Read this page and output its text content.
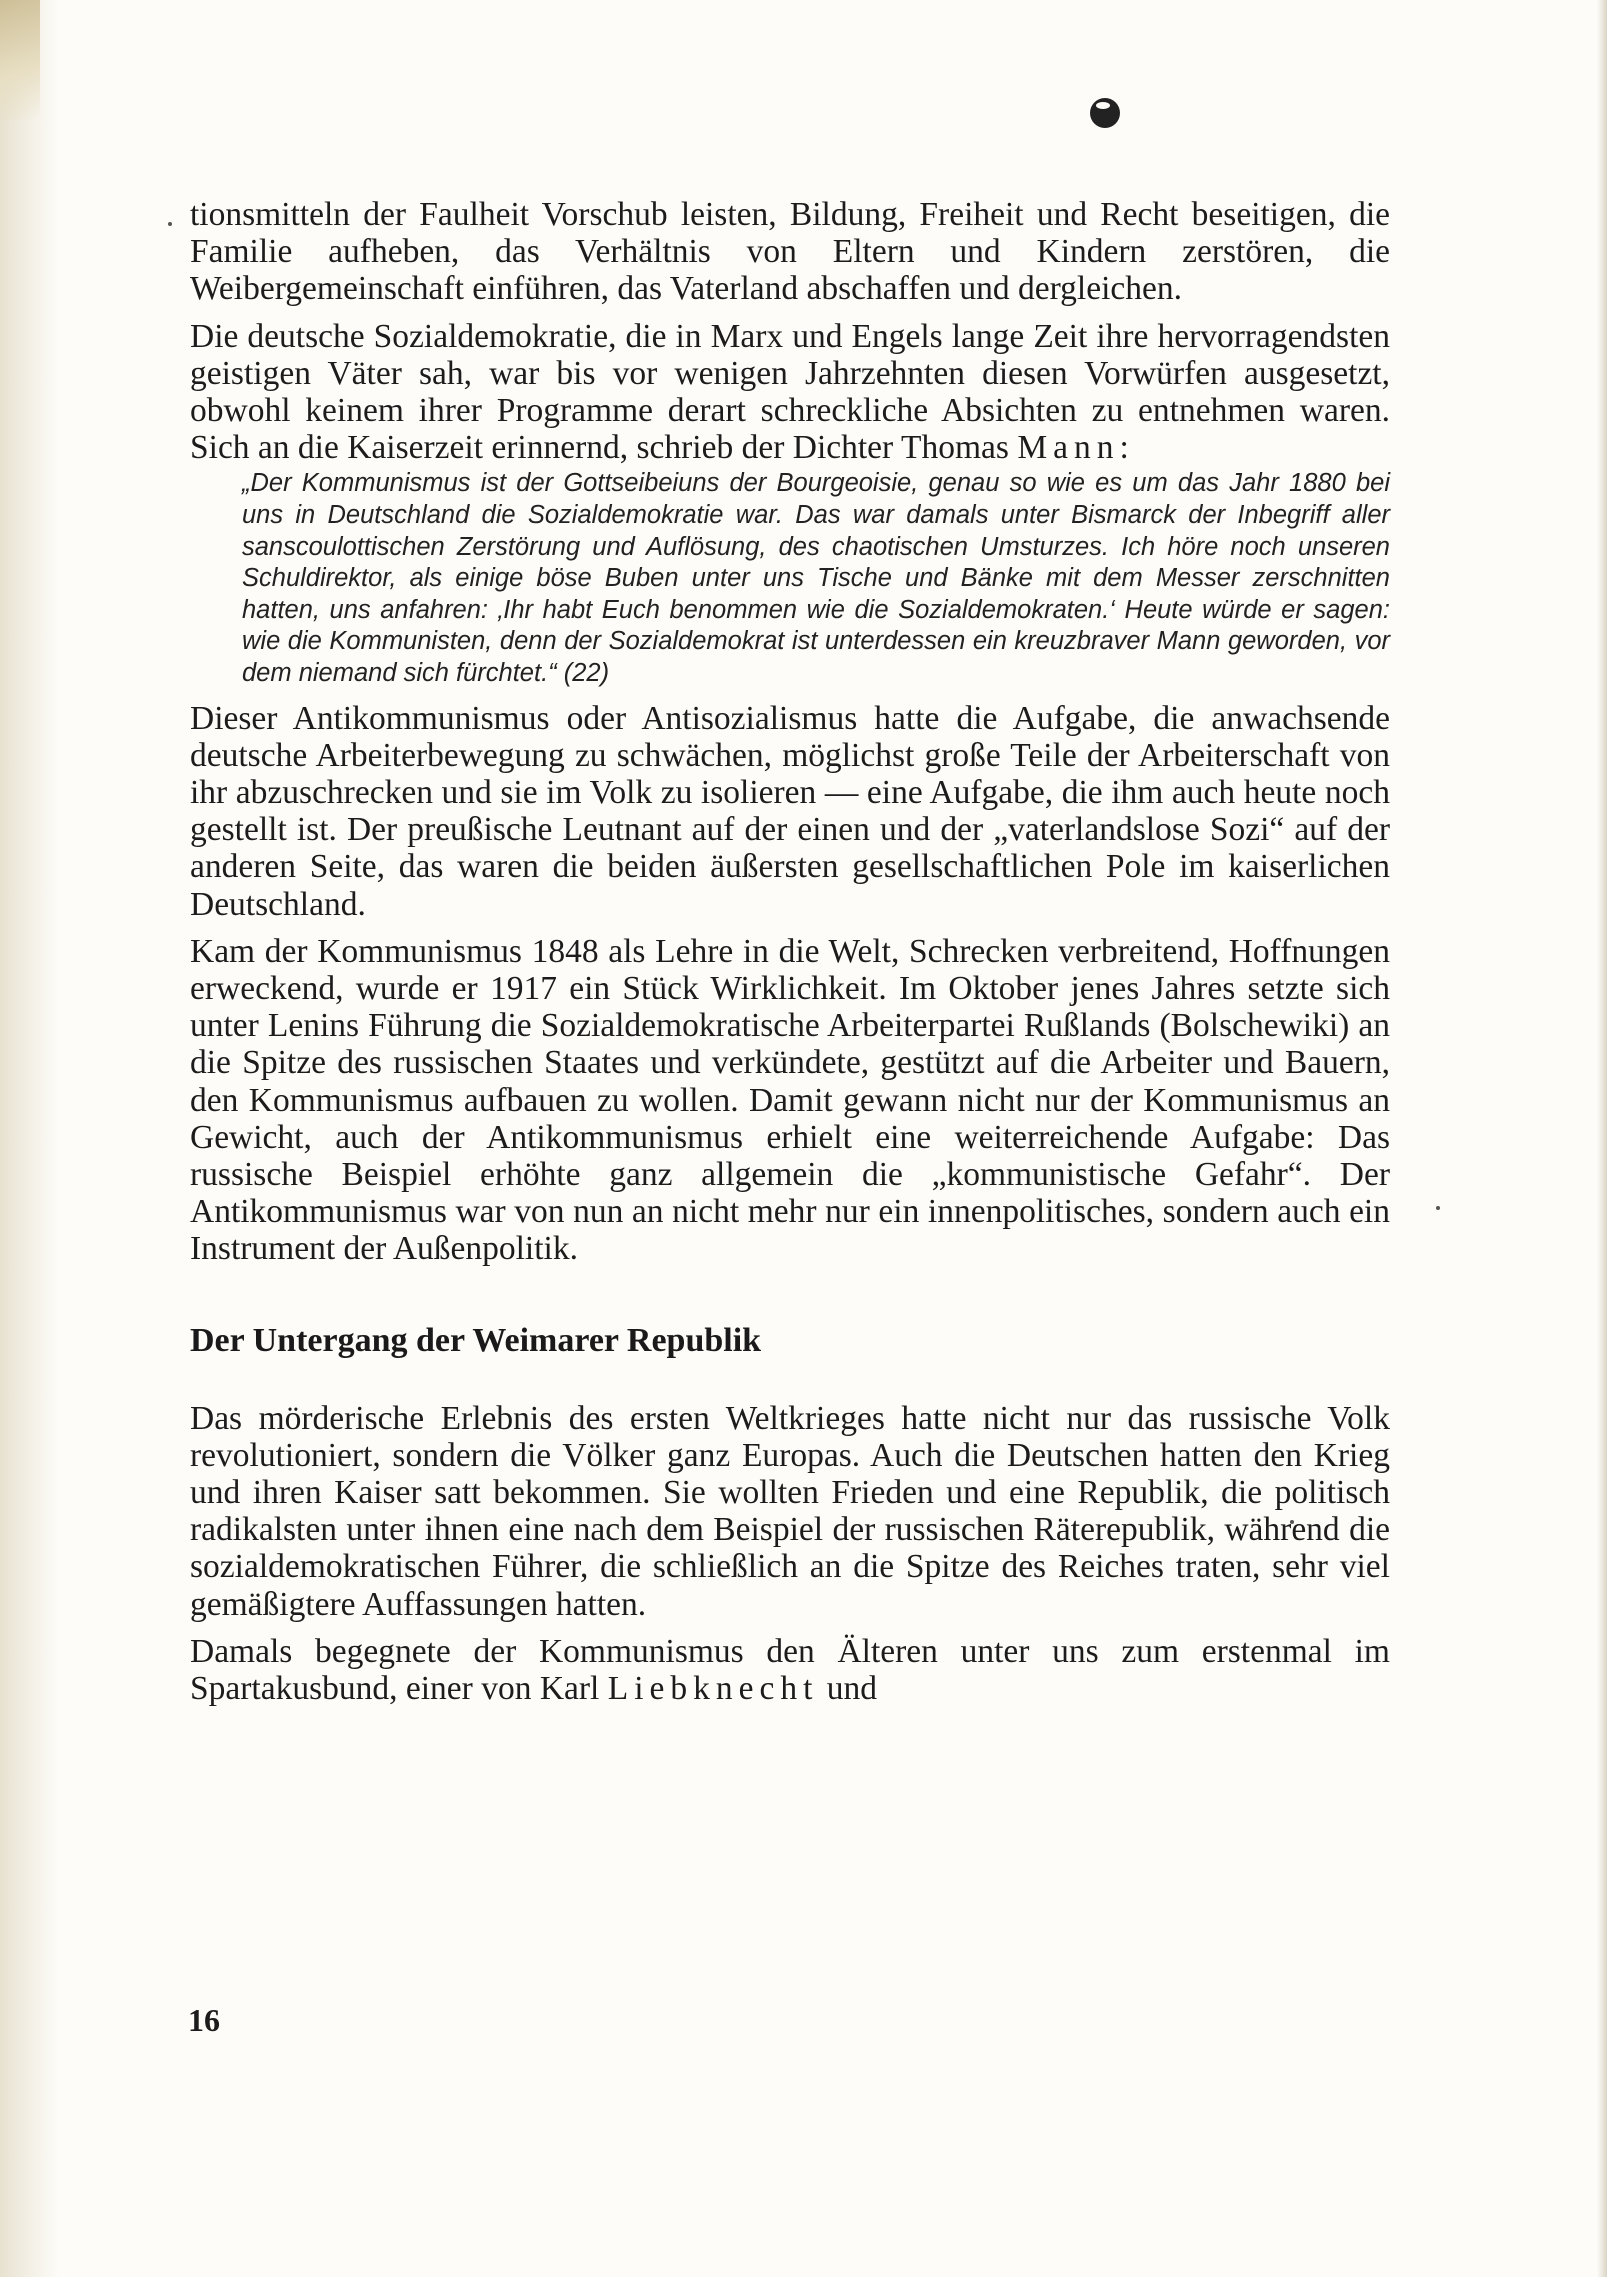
tionsmitteln der Faulheit Vorschub leisten, Bildung, Freiheit und Recht beseitigen, die Familie aufheben, das Verhältnis von Eltern und Kindern zerstören, die Weibergemeinschaft einführen, das Vaterland abschaffen und dergleichen.

Die deutsche Sozialdemokratie, die in Marx und Engels lange Zeit ihre hervorragendsten geistigen Väter sah, war bis vor wenigen Jahrzehnten diesen Vorwürfen ausgesetzt, obwohl keinem ihrer Programme derart schreckliche Absichten zu entnehmen waren. Sich an die Kaiserzeit erinnernd, schrieb der Dichter Thomas Mann:

„Der Kommunismus ist der Gottseibeiuns der Bourgeoisie, genau so wie es um das Jahr 1880 bei uns in Deutschland die Sozialdemokratie war. Das war damals unter Bismarck der Inbegriff aller sanscoulottischen Zerstörung und Auflösung, des chaotischen Umsturzes. Ich höre noch unseren Schuldirektor, als einige böse Buben unter uns Tische und Bänke mit dem Messer zerschnitten hatten, uns anfahren: ‚Ihr habt Euch benommen wie die Sozialdemokraten.‘ Heute würde er sagen: wie die Kommunisten, denn der Sozialdemokrat ist unterdessen ein kreuzbraver Mann geworden, vor dem niemand sich fürchtet.“ (22)

Dieser Antikommunismus oder Antisozialismus hatte die Aufgabe, die anwachsende deutsche Arbeiterbewegung zu schwächen, möglichst große Teile der Arbeiterschaft von ihr abzuschrecken und sie im Volk zu isolieren — eine Aufgabe, die ihm auch heute noch gestellt ist. Der preußische Leutnant auf der einen und der „vaterlandslose Sozi“ auf der anderen Seite, das waren die beiden äußersten gesellschaftlichen Pole im kaiserlichen Deutschland.

Kam der Kommunismus 1848 als Lehre in die Welt, Schrecken verbreitend, Hoffnungen erweckend, wurde er 1917 ein Stück Wirklichkeit. Im Oktober jenes Jahres setzte sich unter Lenins Führung die Sozialdemokratische Arbeiterpartei Rußlands (Bolschewiki) an die Spitze des russischen Staates und verkündete, gestützt auf die Arbeiter und Bauern, den Kommunismus aufbauen zu wollen. Damit gewann nicht nur der Kommunismus an Gewicht, auch der Antikommunismus erhielt eine weiterreichende Aufgabe: Das russische Beispiel erhöhte ganz allgemein die „kommunistische Gefahr“. Der Antikommunismus war von nun an nicht mehr nur ein innenpolitisches, sondern auch ein Instrument der Außenpolitik.

Der Untergang der Weimarer Republik

Das mörderische Erlebnis des ersten Weltkrieges hatte nicht nur das russische Volk revolutioniert, sondern die Völker ganz Europas. Auch die Deutschen hatten den Krieg und ihren Kaiser satt bekommen. Sie wollten Frieden und eine Republik, die politisch radikalsten unter ihnen eine nach dem Beispiel der russischen Räterepublik, während die sozialdemokratischen Führer, die schließlich an die Spitze des Reiches traten, sehr viel gemäßigtere Auffassungen hatten.

Damals begegnete der Kommunismus den Älteren unter uns zum erstenmal im Spartakusbund, einer von Karl Liebknecht und

16
